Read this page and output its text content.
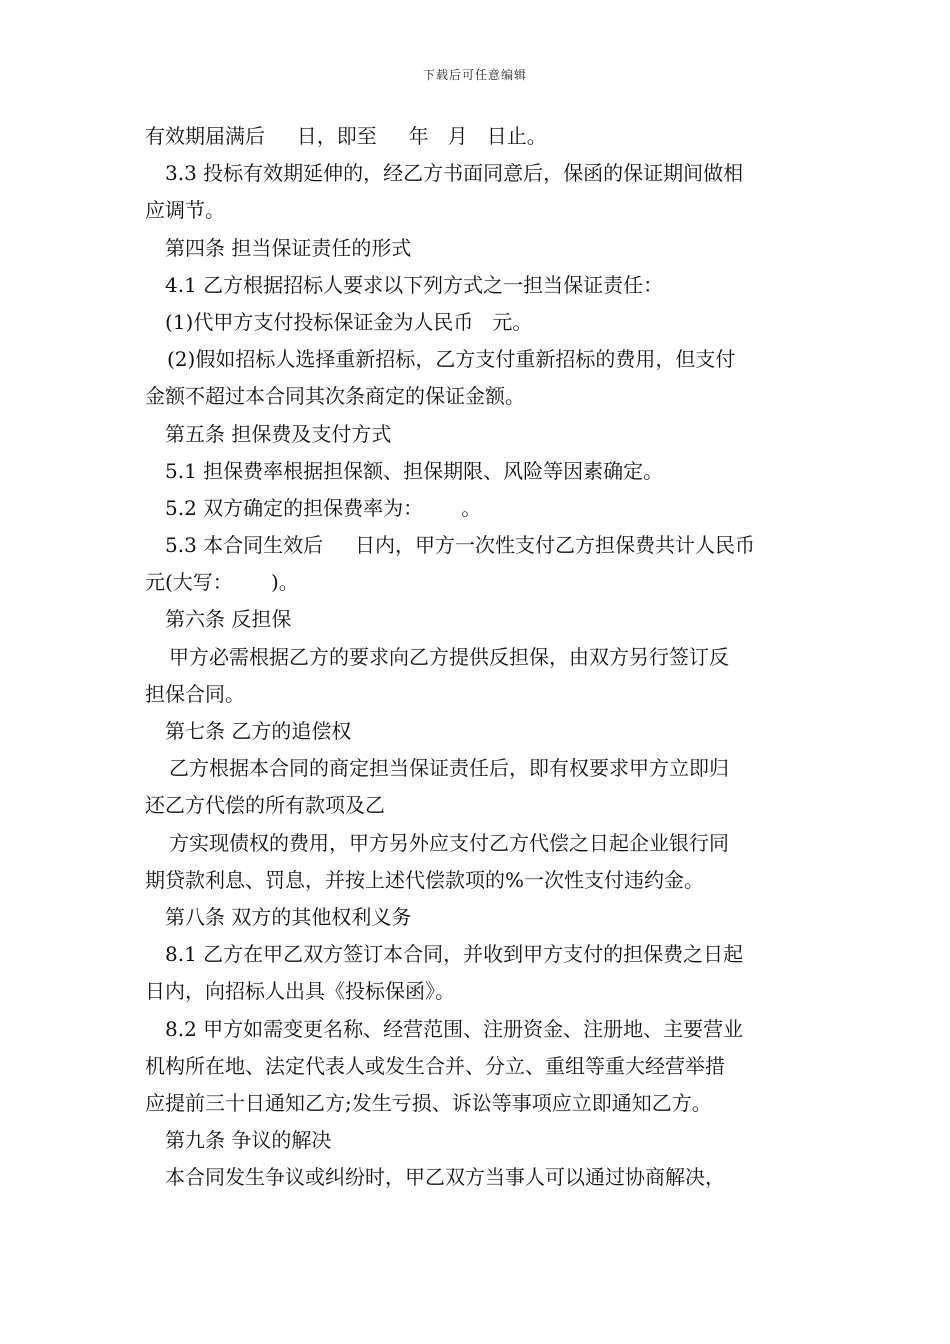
下载后可任意编辑
有效期届满后     日，即至     年   月   日止。
3.3 投标有效期延伸的，经乙方书面同意后，保函的保证期间做相
应调节。
第四条 担当保证责任的形式
4.1 乙方根据招标人要求以下列方式之一担当保证责任：
(1)代甲方支付投标保证金为人民币   元。
(2)假如招标人选择重新招标，乙方支付重新招标的费用，但支付
金额不超过本合同其次条商定的保证金额。
第五条 担保费及支付方式
5.1 担保费率根据担保额、担保期限、风险等因素确定。
5.2 双方确定的担保费率为：      。
5.3 本合同生效后     日内，甲方一次性支付乙方担保费共计人民币
元(大写：      )。
第六条 反担保
甲方必需根据乙方的要求向乙方提供反担保，由双方另行签订反
担保合同。
第七条 乙方的追偿权
乙方根据本合同的商定担当保证责任后，即有权要求甲方立即归
还乙方代偿的所有款项及乙
方实现债权的费用，甲方另外应支付乙方代偿之日起企业银行同
期贷款利息、罚息，并按上述代偿款项的%一次性支付违约金。
第八条 双方的其他权利义务
8.1 乙方在甲乙双方签订本合同，并收到甲方支付的担保费之日起
日内，向招标人出具《投标保函》。
8.2 甲方如需变更名称、经营范围、注册资金、注册地、主要营业
机构所在地、法定代表人或发生合并、分立、重组等重大经营举措
应提前三十日通知乙方;发生亏损、诉讼等事项应立即通知乙方。
第九条 争议的解决
本合同发生争议或纠纷时，甲乙双方当事人可以通过协商解决，
